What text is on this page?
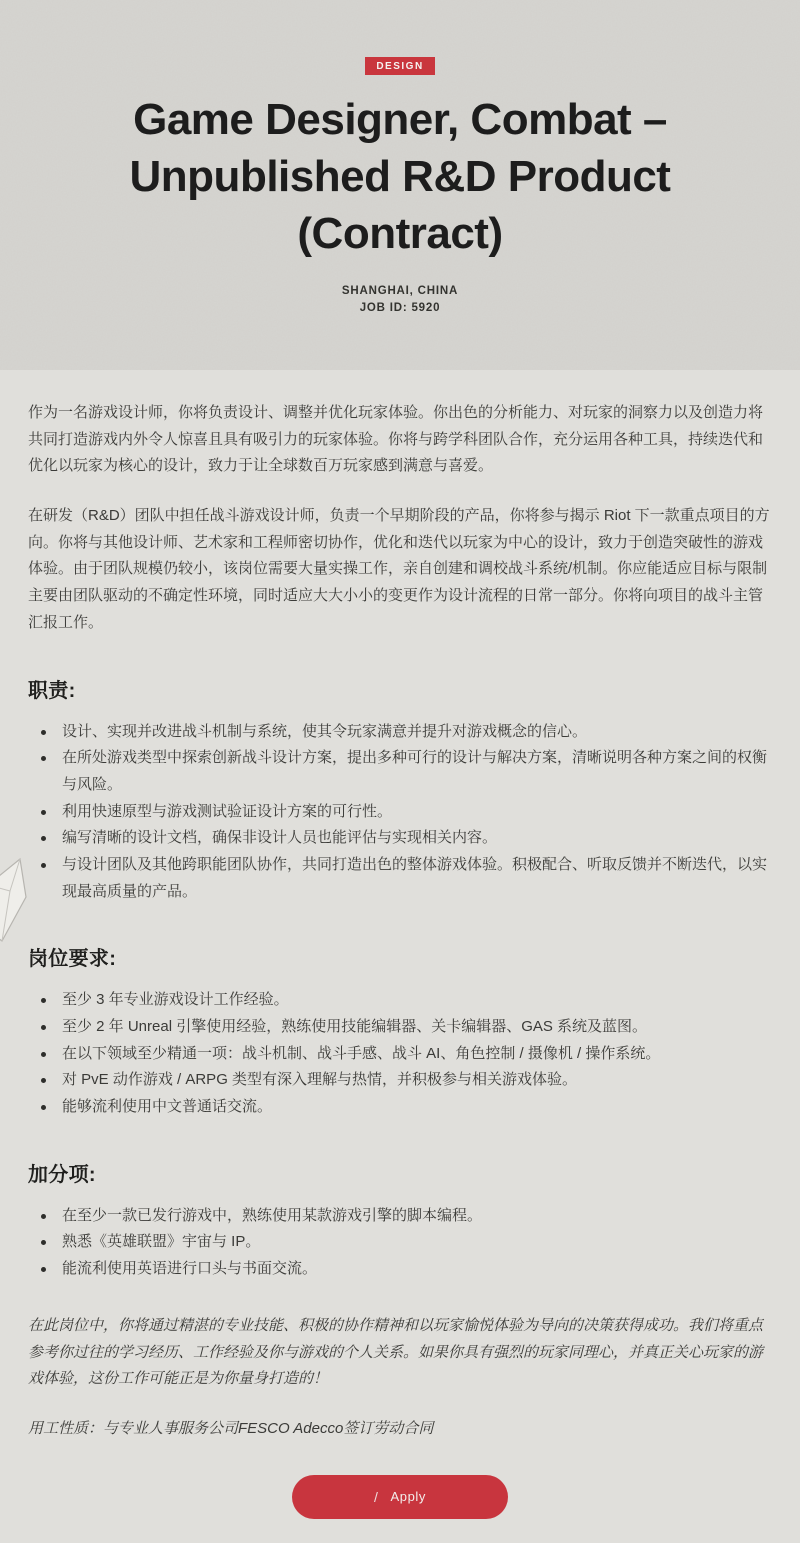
DESIGN
Game Designer, Combat – Unpublished R&D Product (Contract)
SHANGHAI, CHINA
JOB ID: 5920

作为一名游戏设计师，你将负责设计、调整并优化玩家体验。你出色的分析能力、对玩家的洞察力以及创造力将共同打造游戏内外令人惊喜且具有吸引力的玩家体验。你将与跨学科团队合作，充分运用各种工具，持续迭代和优化以玩家为核心的设计，致力于让全球数百万玩家感到满意与喜爱。

在研发（R&D）团队中担任战斗游戏设计师，负责一个早期阶段的产品，你将参与揭示 Riot 下一款重点项目的方向。你将与其他设计师、艺术家和工程师密切协作，优化和迭代以玩家为中心的设计，致力于创造突破性的游戏体验。由于团队规模仍较小，该岗位需要大量实操工作，亲自创建和调校战斗系统/机制。你应能适应目标与限制主要由团队驱动的不确定性环境，同时适应大大小小的变更作为设计流程的日常一部分。你将向项目的战斗主管汇报工作。

职责:
设计、实现并改进战斗机制与系统，使其令玩家满意并提升对游戏概念的信心。
在所处游戏类型中探索创新战斗设计方案，提出多种可行的设计与解决方案，清晰说明各种方案之间的权衡与风险。
利用快速原型与游戏测试验证设计方案的可行性。
编写清晰的设计文档，确保非设计人员也能评估与实现相关内容。
与设计团队及其他跨职能团队协作，共同打造出色的整体游戏体验。积极配合、听取反馈并不断迭代，以实现最高质量的产品。
岗位要求:
至少 3 年专业游戏设计工作经验。
至少 2 年 Unreal 引擎使用经验，熟练使用技能编辑器、关卡编辑器、GAS 系统及蓝图。
在以下领域至少精通一项：战斗机制、战斗手感、战斗 AI、角色控制 / 摄像机 / 操作系统。
对 PvE 动作游戏 / ARPG 类型有深入理解与热情，并积极参与相关游戏体验。
能够流利使用中文普通话交流。
加分项:
在至少一款已发行游戏中，熟练使用某款游戏引擎的脚本编程。
熟悉《英雄联盟》宇宙与 IP。
能流利使用英语进行口头与书面交流。

在此岗位中，你将通过精湛的专业技能、积极的协作精神和以玩家愉悦体验为导向的决策获得成功。我们将重点参考你过往的学习经历、工作经验及你与游戏的个人关系。如果你具有强烈的玩家同理心，并真正关心玩家的游戏体验，这份工作可能正是为你量身打造的！

用工性质：与专业人事服务公司FESCO Adecco签订劳动合同

/ Apply
